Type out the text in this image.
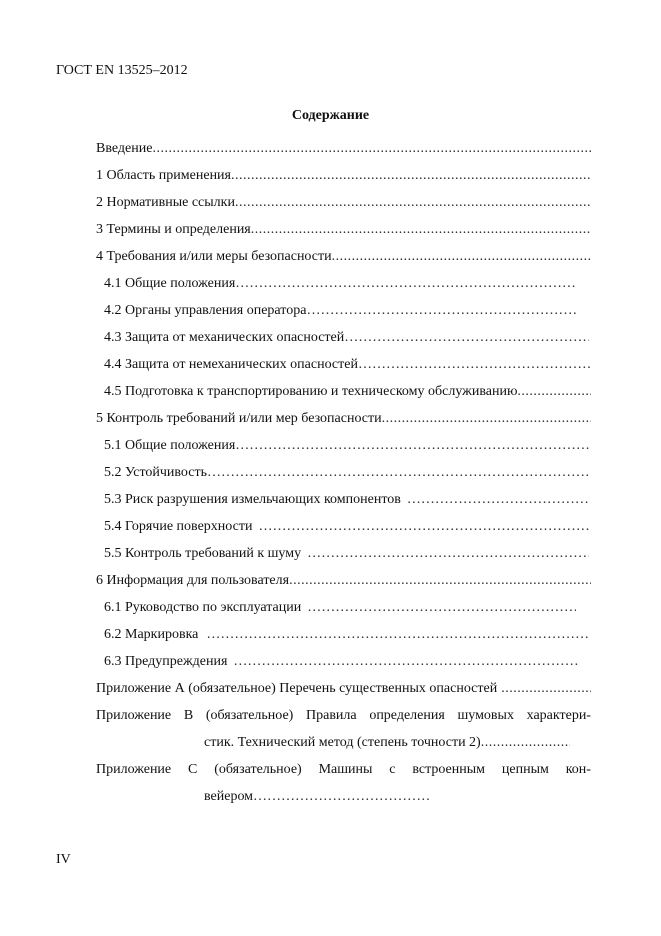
ГОСТ EN 13525–2012
Содержание
Введение
.....
1 Область применения
.....
2 Нормативные ссылки
.....
3 Термины и определения
.....
4 Требования и/или меры безопасности
.....
4.1 Общие положения
…………………………………………………………………………………………………………………………………………………
4.2 Органы управления оператора
…………………………………………………………………………………………………………………………………………………
4.3 Защита от механических опасностей
…………………………………………………………………………………………………………………………………………………
4.4 Защита от немеханических опасностей
…………………………………………………………………………………………………………………………………………………
4.5 Подготовка к транспортированию и техническому обслуживанию
.....
5 Контроль требований и/или мер безопасности
.....
5.1 Общие положения
…………………………………………………………………………………………………………………………………………………
5.2 Устойчивость
…………………………………………………………………………………………………………………………………………………
5.3 Риск разрушения измельчающих компонентов
…………………………………………………………………………………………………………………………………………………
5.4 Горячие поверхности
…………………………………………………………………………………………………………………………………………………
5.5 Контроль требований к шуму
…………………………………………………………………………………………………………………………………………………
6 Информация для пользователя
.....
6.1 Руководство по эксплуатации
…………………………………………………………………………………………………………………………………………………
6.2 Маркировка
…………………………………………………………………………………………………………………………………………………
6.3 Предупреждения
…………………………………………………………………………………………………………………………………………………
Приложение А (обязательное) Перечень существенных опасностей
.....
Приложение В (обязательное) Правила определения шумовых характери-
стик. Технический метод (степень точности 2)
.....
Приложение С (обязательное) Машины с встроенным цепным кон-
вейером
…………………………………………………………………………………………………………………………………………………
IV
